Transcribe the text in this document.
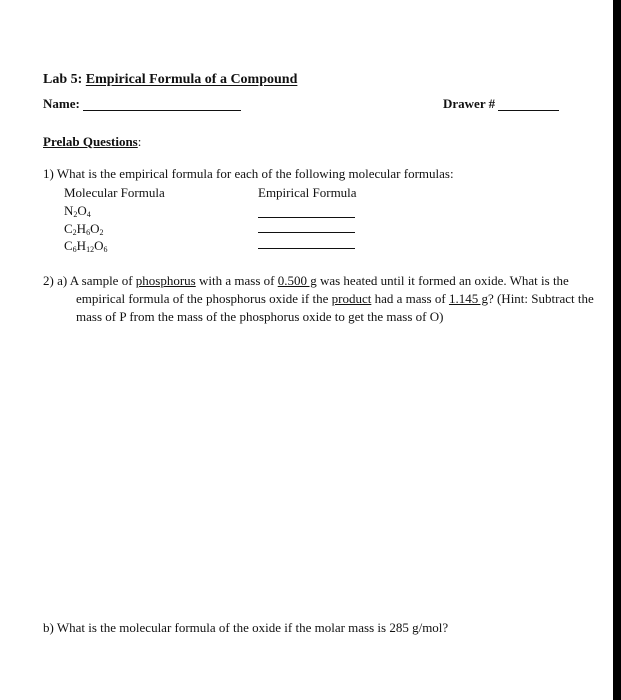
Lab 5: Empirical Formula of a Compound
Name:	Drawer #
Prelab Questions:
1) What is the empirical formula for each of the following molecular formulas:
Molecular Formula	Empirical Formula
$N_2O_4$
$C_2H_6O_2$
$C_6H_{12}O_6$
2) a) A sample of phosphorus with a mass of 0.500 g was heated until it formed an oxide. What is the
empirical formula of the phosphorus oxide if the product had a mass of 1.145 g? (Hint: Subtract the
mass of P from the mass of the phosphorus oxide to get the mass of O)
b) What is the molecular formula of the oxide if the molar mass is 285 g/mol?
